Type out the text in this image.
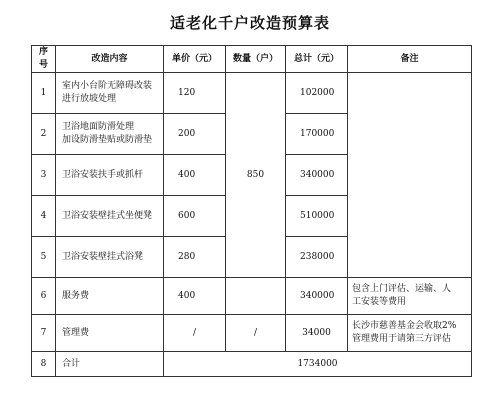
适老化千户改造预算表
序号	改造内容	单价（元）	数量（户）	总计（元）	备注
1	室内小台阶无障碍改装
进行放坡处理	120	850	102000	
2	卫浴地面防滑处理
加设防滑垫贴或防滑垫	200		170000	
3	卫浴安装扶手或抓杆	400		340000	
4	卫浴安装壁挂式坐便凳	600		510000	
5	卫浴安装壁挂式浴凳	280		238000	
6	服务费	400		340000	包含上门评估、运输、人
工安装等费用

7	管理费	/	/	34000	长沙市慈善基金会收取2%
管理费用于请第三方评估

8	合计	1734000			
